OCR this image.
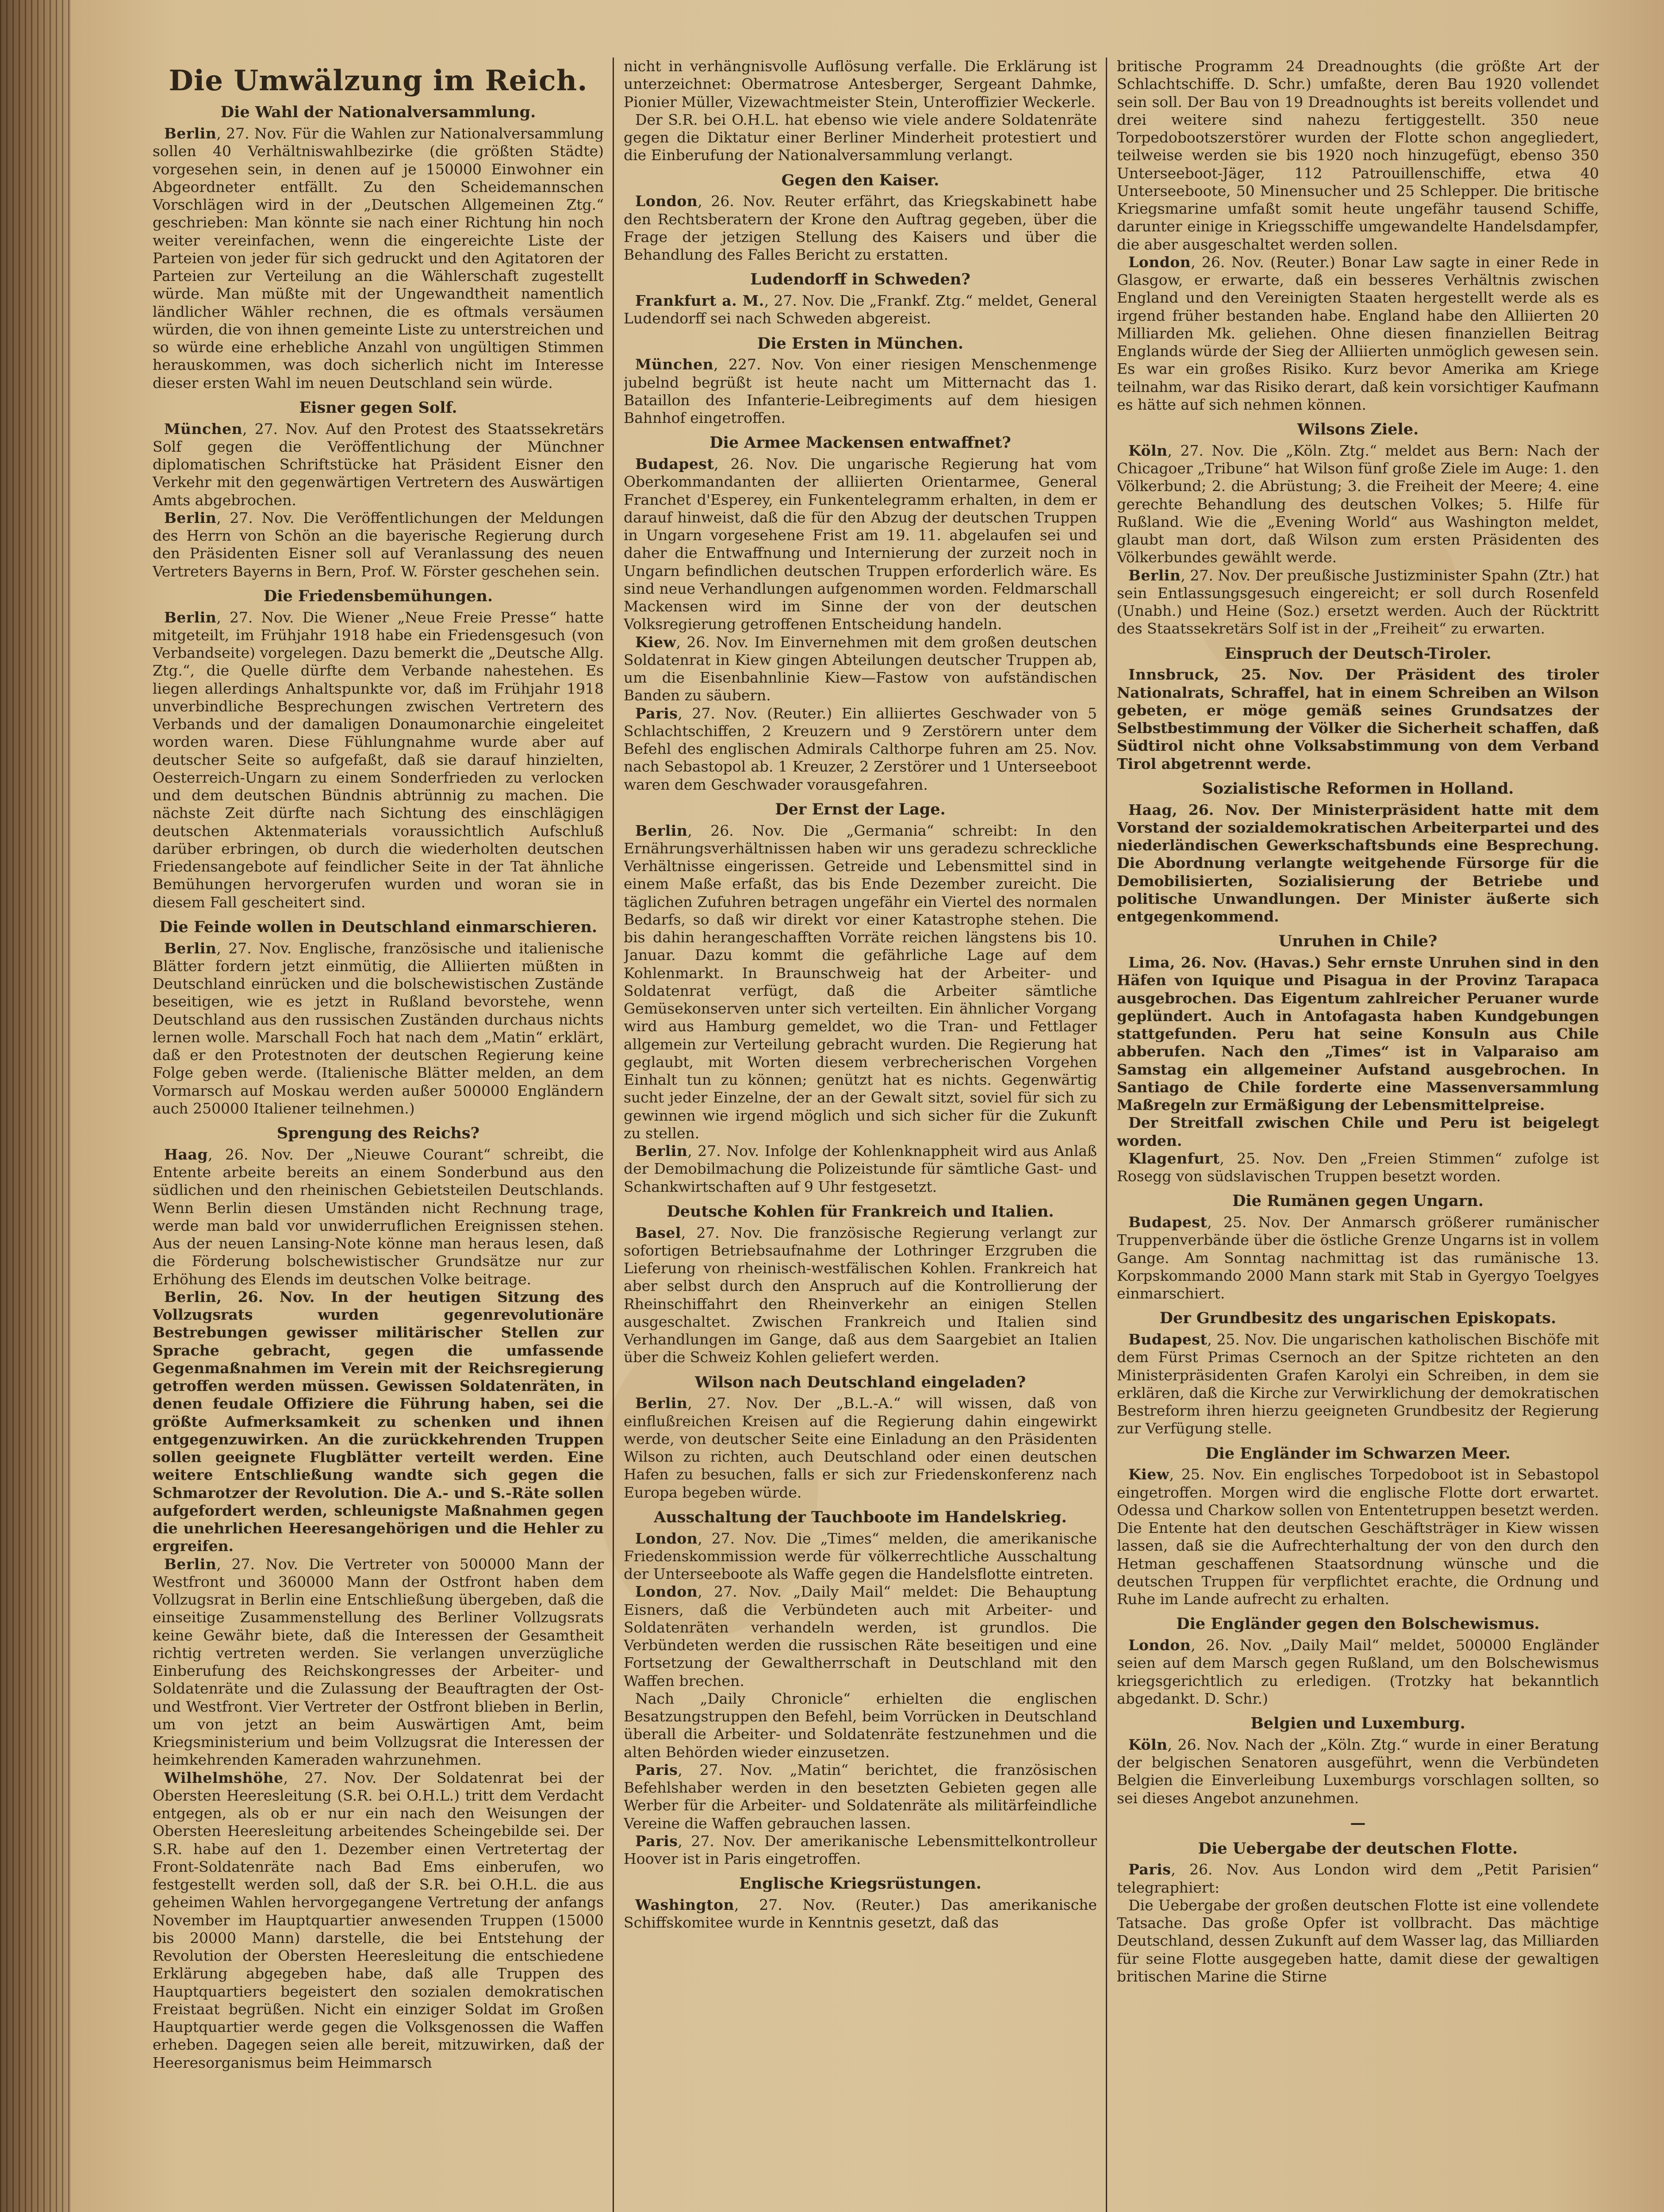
Die Umwälzung im Reich.
Die Wahl der Nationalversammlung.

Berlin, 27. Nov. Für die Wahlen zur Nationalversammlung sollen 40 Verhältniswahlbezirke (die größten Städte) vorgesehen sein, in denen auf je 150000 Einwohner ein Abgeordneter entfällt. Zu den Scheidemannschen Vorschlägen wird in der „Deutschen Allgemeinen Ztg.“ geschrieben: Man könnte sie nach einer Richtung hin noch weiter vereinfachen, wenn die eingereichte Liste der Parteien von jeder für sich gedruckt und den Agitatoren der Parteien zur Verteilung an die Wählerschaft zugestellt würde. Man müßte mit der Ungewandtheit namentlich ländlicher Wähler rechnen, die es oftmals versäumen würden, die von ihnen gemeinte Liste zu unterstreichen und so würde eine erhebliche Anzahl von ungültigen Stimmen herauskommen, was doch sicherlich nicht im Interesse dieser ersten Wahl im neuen Deutschland sein würde.

Eisner gegen Solf.

München, 27. Nov. Auf den Protest des Staatssekretärs Solf gegen die Veröffentlichung der Münchner diplomatischen Schriftstücke hat Präsident Eisner den Verkehr mit den gegenwärtigen Vertretern des Auswärtigen Amts abgebrochen.

Berlin, 27. Nov. Die Veröffentlichungen der Meldungen des Herrn von Schön an die bayerische Regierung durch den Präsidenten Eisner soll auf Veranlassung des neuen Vertreters Bayerns in Bern, Prof. W. Förster geschehen sein.

Die Friedensbemühungen.

Berlin, 27. Nov. Die Wiener „Neue Freie Presse“ hatte mitgeteilt, im Frühjahr 1918 habe ein Friedensgesuch (von Verbandseite) vorgelegen. Dazu bemerkt die „Deutsche Allg. Ztg.“, die Quelle dürfte dem Verbande nahestehen. Es liegen allerdings Anhaltspunkte vor, daß im Frühjahr 1918 unverbindliche Besprechungen zwischen Vertretern des Verbands und der damaligen Donaumonarchie eingeleitet worden waren. Diese Fühlungnahme wurde aber auf deutscher Seite so aufgefaßt, daß sie darauf hinzielten, Oesterreich-Ungarn zu einem Sonderfrieden zu verlocken und dem deutschen Bündnis abtrünnig zu machen. Die nächste Zeit dürfte nach Sichtung des einschlägigen deutschen Aktenmaterials voraussichtlich Aufschluß darüber erbringen, ob durch die wiederholten deutschen Friedensangebote auf feindlicher Seite in der Tat ähnliche Bemühungen hervorgerufen wurden und woran sie in diesem Fall gescheitert sind.

Die Feinde wollen in Deutschland einmarschieren.

Berlin, 27. Nov. Englische, französische und italienische Blätter fordern jetzt einmütig, die Alliierten müßten in Deutschland einrücken und die bolschewistischen Zustände beseitigen, wie es jetzt in Rußland bevorstehe, wenn Deutschland aus den russischen Zuständen durchaus nichts lernen wolle. Marschall Foch hat nach dem „Matin“ erklärt, daß er den Protestnoten der deutschen Regierung keine Folge geben werde. (Italienische Blätter melden, an dem Vormarsch auf Moskau werden außer 500000 Engländern auch 250000 Italiener teilnehmen.)

Sprengung des Reichs?

Haag, 26. Nov. Der „Nieuwe Courant“ schreibt, die Entente arbeite bereits an einem Sonderbund aus den südlichen und den rheinischen Gebietsteilen Deutschlands. Wenn Berlin diesen Umständen nicht Rechnung trage, werde man bald vor unwiderruflichen Ereignissen stehen. Aus der neuen Lansing-Note könne man heraus lesen, daß die Förderung bolschewistischer Grundsätze nur zur Erhöhung des Elends im deutschen Volke beitrage.

Berlin, 26. Nov. In der heutigen Sitzung des Vollzugsrats wurden gegenrevolutionäre Bestrebungen gewisser militärischer Stellen zur Sprache gebracht, gegen die umfassende Gegenmaßnahmen im Verein mit der Reichsregierung getroffen werden müssen. Gewissen Soldatenräten, in denen feudale Offiziere die Führung haben, sei die größte Aufmerksamkeit zu schenken und ihnen entgegenzuwirken. An die zurückkehrenden Truppen sollen geeignete Flugblätter verteilt werden. Eine weitere Entschließung wandte sich gegen die Schmarotzer der Revolution. Die A.- und S.-Räte sollen aufgefordert werden, schleunigste Maßnahmen gegen die unehrlichen Heeresangehörigen und die Hehler zu ergreifen.

Berlin, 27. Nov. Die Vertreter von 500000 Mann der Westfront und 360000 Mann der Ostfront haben dem Vollzugsrat in Berlin eine Entschließung übergeben, daß die einseitige Zusammenstellung des Berliner Vollzugsrats keine Gewähr biete, daß die Interessen der Gesamtheit richtig vertreten werden. Sie verlangen unverzügliche Einberufung des Reichskongresses der Arbeiter- und Soldatenräte und die Zulassung der Beauftragten der Ost- und Westfront. Vier Vertreter der Ostfront blieben in Berlin, um von jetzt an beim Auswärtigen Amt, beim Kriegsministerium und beim Vollzugsrat die Interessen der heimkehrenden Kameraden wahrzunehmen.

Wilhelmshöhe, 27. Nov. Der Soldatenrat bei der Obersten Heeresleitung (S.R. bei O.H.L.) tritt dem Verdacht entgegen, als ob er nur ein nach den Weisungen der Obersten Heeresleitung arbeitendes Scheingebilde sei. Der S.R. habe auf den 1. Dezember einen Vertretertag der Front-Soldatenräte nach Bad Ems einberufen, wo festgestellt werden soll, daß der S.R. bei O.H.L. die aus geheimen Wahlen hervorgegangene Vertretung der anfangs November im Hauptquartier anwesenden Truppen (15000 bis 20000 Mann) darstelle, die bei Entstehung der Revolution der Obersten Heeresleitung die entschiedene Erklärung abgegeben habe, daß alle Truppen des Hauptquartiers begeistert den sozialen demokratischen Freistaat begrüßen. Nicht ein einziger Soldat im Großen Hauptquartier werde gegen die Volksgenossen die Waffen erheben. Dagegen seien alle bereit, mitzuwirken, daß der Heeresorganismus beim Heimmarsch

nicht in verhängnisvolle Auflösung verfalle. Die Erklärung ist unterzeichnet: Obermatrose Antesberger, Sergeant Dahmke, Pionier Müller, Vizewachtmeister Stein, Unteroffizier Weckerle.

Der S.R. bei O.H.L. hat ebenso wie viele andere Soldatenräte gegen die Diktatur einer Berliner Minderheit protestiert und die Einberufung der Nationalversammlung verlangt.

Gegen den Kaiser.

London, 26. Nov. Reuter erfährt, das Kriegskabinett habe den Rechtsberatern der Krone den Auftrag gegeben, über die Frage der jetzigen Stellung des Kaisers und über die Behandlung des Falles Bericht zu erstatten.

Ludendorff in Schweden?

Frankfurt a. M., 27. Nov. Die „Frankf. Ztg.“ meldet, General Ludendorff sei nach Schweden abgereist.

Die Ersten in München.

München, 227. Nov. Von einer riesigen Menschenmenge jubelnd begrüßt ist heute nacht um Mitternacht das 1. Bataillon des Infanterie-Leibregiments auf dem hiesigen Bahnhof eingetroffen.

Die Armee Mackensen entwaffnet?

Budapest, 26. Nov. Die ungarische Regierung hat vom Oberkommandanten der alliierten Orientarmee, General Franchet d'Esperey, ein Funkentelegramm erhalten, in dem er darauf hinweist, daß die für den Abzug der deutschen Truppen in Ungarn vorgesehene Frist am 19. 11. abgelaufen sei und daher die Entwaffnung und Internierung der zurzeit noch in Ungarn befindlichen deutschen Truppen erforderlich wäre. Es sind neue Verhandlungen aufgenommen worden. Feldmarschall Mackensen wird im Sinne der von der deutschen Volksregierung getroffenen Entscheidung handeln.

Kiew, 26. Nov. Im Einvernehmen mit dem großen deutschen Soldatenrat in Kiew gingen Abteilungen deutscher Truppen ab, um die Eisenbahnlinie Kiew—Fastow von aufständischen Banden zu säubern.

Paris, 27. Nov. (Reuter.) Ein alliiertes Geschwader von 5 Schlachtschiffen, 2 Kreuzern und 9 Zerstörern unter dem Befehl des englischen Admirals Calthorpe fuhren am 25. Nov. nach Sebastopol ab. 1 Kreuzer, 2 Zerstörer und 1 Unterseeboot waren dem Geschwader vorausgefahren.

Der Ernst der Lage.

Berlin, 26. Nov. Die „Germania“ schreibt: In den Ernährungsverhältnissen haben wir uns geradezu schreckliche Verhältnisse eingerissen. Getreide und Lebensmittel sind in einem Maße erfaßt, das bis Ende Dezember zureicht. Die täglichen Zufuhren betragen ungefähr ein Viertel des normalen Bedarfs, so daß wir direkt vor einer Katastrophe stehen. Die bis dahin herangeschafften Vorräte reichen längstens bis 10. Januar. Dazu kommt die gefährliche Lage auf dem Kohlenmarkt. In Braunschweig hat der Arbeiter- und Soldatenrat verfügt, daß die Arbeiter sämtliche Gemüsekonserven unter sich verteilten. Ein ähnlicher Vorgang wird aus Hamburg gemeldet, wo die Tran- und Fettlager allgemein zur Verteilung gebracht wurden. Die Regierung hat geglaubt, mit Worten diesem verbrecherischen Vorgehen Einhalt tun zu können; genützt hat es nichts. Gegenwärtig sucht jeder Einzelne, der an der Gewalt sitzt, soviel für sich zu gewinnen wie irgend möglich und sich sicher für die Zukunft zu stellen.

Berlin, 27. Nov. Infolge der Kohlenknappheit wird aus Anlaß der Demobilmachung die Polizeistunde für sämtliche Gast- und Schankwirtschaften auf 9 Uhr festgesetzt.

Deutsche Kohlen für Frankreich und Italien.

Basel, 27. Nov. Die französische Regierung verlangt zur sofortigen Betriebsaufnahme der Lothringer Erzgruben die Lieferung von rheinisch-westfälischen Kohlen. Frankreich hat aber selbst durch den Anspruch auf die Kontrollierung der Rheinschiffahrt den Rheinverkehr an einigen Stellen ausgeschaltet. Zwischen Frankreich und Italien sind Verhandlungen im Gange, daß aus dem Saargebiet an Italien über die Schweiz Kohlen geliefert werden.

Wilson nach Deutschland eingeladen?

Berlin, 27. Nov. Der „B.L.-A.“ will wissen, daß von einflußreichen Kreisen auf die Regierung dahin eingewirkt werde, von deutscher Seite eine Einladung an den Präsidenten Wilson zu richten, auch Deutschland oder einen deutschen Hafen zu besuchen, falls er sich zur Friedenskonferenz nach Europa begeben würde.

Ausschaltung der Tauchboote im Handelskrieg.

London, 27. Nov. Die „Times“ melden, die amerikanische Friedenskommission werde für völkerrechtliche Ausschaltung der Unterseeboote als Waffe gegen die Handelsflotte eintreten.

London, 27. Nov. „Daily Mail“ meldet: Die Behauptung Eisners, daß die Verbündeten auch mit Arbeiter- und Soldatenräten verhandeln werden, ist grundlos. Die Verbündeten werden die russischen Räte beseitigen und eine Fortsetzung der Gewaltherrschaft in Deutschland mit den Waffen brechen.

Nach „Daily Chronicle“ erhielten die englischen Besatzungstruppen den Befehl, beim Vorrücken in Deutschland überall die Arbeiter- und Soldatenräte festzunehmen und die alten Behörden wieder einzusetzen.

Paris, 27. Nov. „Matin“ berichtet, die französischen Befehlshaber werden in den besetzten Gebieten gegen alle Werber für die Arbeiter- und Soldatenräte als militärfeindliche Vereine die Waffen gebrauchen lassen.

Paris, 27. Nov. Der amerikanische Lebensmittelkontrolleur Hoover ist in Paris eingetroffen.

Englische Kriegsrüstungen.

Washington, 27. Nov. (Reuter.) Das amerikanische Schiffskomitee wurde in Kenntnis gesetzt, daß das

britische Programm 24 Dreadnoughts (die größte Art der Schlachtschiffe. D. Schr.) umfaßte, deren Bau 1920 vollendet sein soll. Der Bau von 19 Dreadnoughts ist bereits vollendet und drei weitere sind nahezu fertiggestellt. 350 neue Torpedobootszerstörer wurden der Flotte schon angegliedert, teilweise werden sie bis 1920 noch hinzugefügt, ebenso 350 Unterseeboot-Jäger, 112 Patrouillenschiffe, etwa 40 Unterseeboote, 50 Minensucher und 25 Schlepper. Die britische Kriegsmarine umfaßt somit heute ungefähr tausend Schiffe, darunter einige in Kriegsschiffe umgewandelte Handelsdampfer, die aber ausgeschaltet werden sollen.

London, 26. Nov. (Reuter.) Bonar Law sagte in einer Rede in Glasgow, er erwarte, daß ein besseres Verhältnis zwischen England und den Vereinigten Staaten hergestellt werde als es irgend früher bestanden habe. England habe den Alliierten 20 Milliarden Mk. geliehen. Ohne diesen finanziellen Beitrag Englands würde der Sieg der Alliierten unmöglich gewesen sein. Es war ein großes Risiko. Kurz bevor Amerika am Kriege teilnahm, war das Risiko derart, daß kein vorsichtiger Kaufmann es hätte auf sich nehmen können.

Wilsons Ziele.

Köln, 27. Nov. Die „Köln. Ztg.“ meldet aus Bern: Nach der Chicagoer „Tribune“ hat Wilson fünf große Ziele im Auge: 1. den Völkerbund; 2. die Abrüstung; 3. die Freiheit der Meere; 4. eine gerechte Behandlung des deutschen Volkes; 5. Hilfe für Rußland. Wie die „Evening World“ aus Washington meldet, glaubt man dort, daß Wilson zum ersten Präsidenten des Völkerbundes gewählt werde.

Berlin, 27. Nov. Der preußische Justizminister Spahn (Ztr.) hat sein Entlassungsgesuch eingereicht; er soll durch Rosenfeld (Unabh.) und Heine (Soz.) ersetzt werden. Auch der Rücktritt des Staatssekretärs Solf ist in der „Freiheit“ zu erwarten.

Einspruch der Deutsch-Tiroler.

Innsbruck, 25. Nov. Der Präsident des tiroler Nationalrats, Schraffel, hat in einem Schreiben an Wilson gebeten, er möge gemäß seines Grundsatzes der Selbstbestimmung der Völker die Sicherheit schaffen, daß Südtirol nicht ohne Volksabstimmung von dem Verband Tirol abgetrennt werde.

Sozialistische Reformen in Holland.

Haag, 26. Nov. Der Ministerpräsident hatte mit dem Vorstand der sozialdemokratischen Arbeiterpartei und des niederländischen Gewerkschaftsbunds eine Besprechung. Die Abordnung verlangte weitgehende Fürsorge für die Demobilisierten, Sozialisierung der Betriebe und politische Unwandlungen. Der Minister äußerte sich entgegenkommend.

Unruhen in Chile?

Lima, 26. Nov. (Havas.) Sehr ernste Unruhen sind in den Häfen von Iquique und Pisagua in der Provinz Tarapaca ausgebrochen. Das Eigentum zahlreicher Peruaner wurde geplündert. Auch in Antofagasta haben Kundgebungen stattgefunden. Peru hat seine Konsuln aus Chile abberufen. Nach den „Times“ ist in Valparaiso am Samstag ein allgemeiner Aufstand ausgebrochen. In Santiago de Chile forderte eine Massenversammlung Maßregeln zur Ermäßigung der Lebensmittelpreise.

Der Streitfall zwischen Chile und Peru ist beigelegt worden.

Klagenfurt, 25. Nov. Den „Freien Stimmen“ zufolge ist Rosegg von südslavischen Truppen besetzt worden.

Die Rumänen gegen Ungarn.

Budapest, 25. Nov. Der Anmarsch größerer rumänischer Truppenverbände über die östliche Grenze Ungarns ist in vollem Gange. Am Sonntag nachmittag ist das rumänische 13. Korpskommando 2000 Mann stark mit Stab in Gyergyo Toelgyes einmarschiert.

Der Grundbesitz des ungarischen Episkopats.

Budapest, 25. Nov. Die ungarischen katholischen Bischöfe mit dem Fürst Primas Csernoch an der Spitze richteten an den Ministerpräsidenten Grafen Karolyi ein Schreiben, in dem sie erklären, daß die Kirche zur Verwirklichung der demokratischen Bestreform ihren hierzu geeigneten Grundbesitz der Regierung zur Verfügung stelle.

Die Engländer im Schwarzen Meer.

Kiew, 25. Nov. Ein englisches Torpedoboot ist in Sebastopol eingetroffen. Morgen wird die englische Flotte dort erwartet. Odessa und Charkow sollen von Ententetruppen besetzt werden. Die Entente hat den deutschen Geschäftsträger in Kiew wissen lassen, daß sie die Aufrechterhaltung der von den durch den Hetman geschaffenen Staatsordnung wünsche und die deutschen Truppen für verpflichtet erachte, die Ordnung und Ruhe im Lande aufrecht zu erhalten.

Die Engländer gegen den Bolschewismus.

London, 26. Nov. „Daily Mail“ meldet, 500000 Engländer seien auf dem Marsch gegen Rußland, um den Bolschewismus kriegsgerichtlich zu erledigen. (Trotzky hat bekanntlich abgedankt. D. Schr.)

Belgien und Luxemburg.

Köln, 26. Nov. Nach der „Köln. Ztg.“ wurde in einer Beratung der belgischen Senatoren ausgeführt, wenn die Verbündeten Belgien die Einverleibung Luxemburgs vorschlagen sollten, so sei dieses Angebot anzunehmen.

—
Die Uebergabe der deutschen Flotte.

Paris, 26. Nov. Aus London wird dem „Petit Parisien“ telegraphiert:

Die Uebergabe der großen deutschen Flotte ist eine vollendete Tatsache. Das große Opfer ist vollbracht. Das mächtige Deutschland, dessen Zukunft auf dem Wasser lag, das Milliarden für seine Flotte ausgegeben hatte, damit diese der gewaltigen britischen Marine die Stirne
